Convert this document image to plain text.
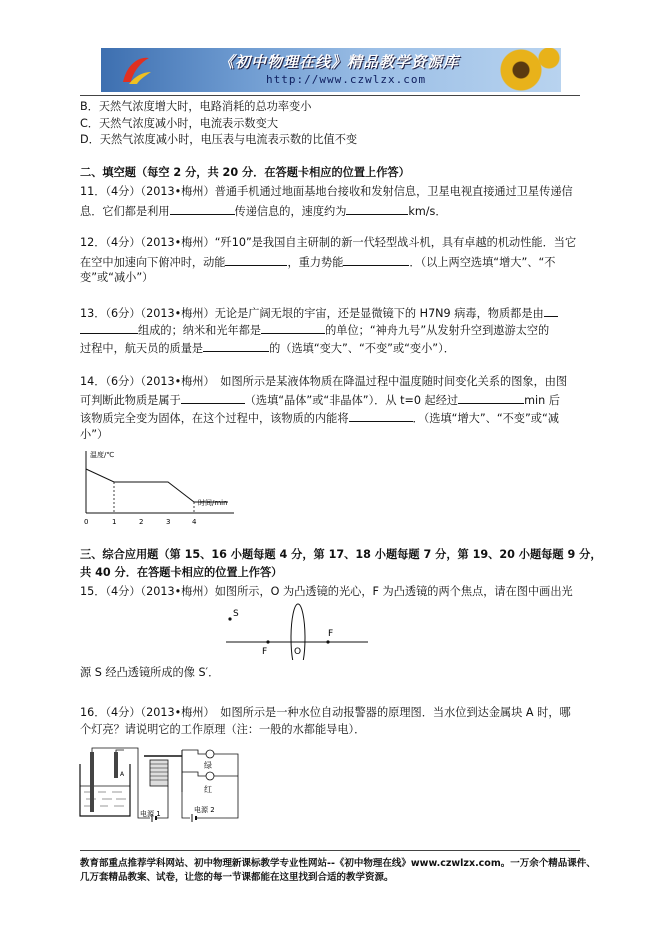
《初中物理在线》精品教学资源库
http://www.czwlzx.com
B．天然气浓度增大时，电路消耗的总功率变小
C．天然气浓度减小时，电流表示数变大
D．天然气浓度减小时，电压表与电流表示数的比值不变
二、填空题（每空 2 分，共 20 分．在答题卡相应的位置上作答）
11．（4分）（2013•梅州）普通手机通过地面基地台接收和发射信息，卫星电视直接通过卫星传递信
息．它们都是利用	传递信息的，速度约为	km/s．
12．（4分）（2013•梅州）“歼10”是我国自主研制的新一代轻型战斗机，具有卓越的机动性能．当它
在空中加速向下俯冲时，动能	，重力势能	．（以上两空选填“增大”、“不
变”或“减小”）
13．（6分）（2013•梅州）无论是广阔无垠的宇宙，还是显微镜下的 H7N9 病毒，物质都是由
组成的；纳米和光年都是	的单位；“神舟九号”从发射升空到遨游太空的
过程中，航天员的质量是	的（选填“变大”、“不变”或“变小”）．
14．（6分）（2013•梅州）　如图所示是某液体物质在降温过程中温度随时间变化关系的图象，由图
可判断此物质是属于	（选填“晶体”或“非晶体”）．从 t=0 起经过	min 后
该物质完全变为固体，在这个过程中，该物质的内能将	．（选填“增大”、“不变”或“减
小”）
温度/℃
时间/min
0	1	2	3	4
三、综合应用题（第 15、16 小题每题 4 分，第 17、18 小题每题 7 分，第 19、20 小题每题 9 分，
共 40 分．在答题卡相应的位置上作答）
15．（4分）（2013•梅州）如图所示，O 为凸透镜的光心，F 为凸透镜的两个焦点，请在图中画出光
S
F	O
F
源 S 经凸透镜所成的像 S′．
16．（4分）（2013•梅州）　如图所示是一种水位自动报警器的原理图．当水位到达金属块 A 时，哪
个灯亮？请说明它的工作原理（注：一般的水都能导电）．
A
绿
红
电源 1	电源 2
教育部重点推荐学科网站、初中物理新课标教学专业性网站--《初中物理在线》www.czwlzx.com。一万余个精品课件、
几万套精品教案、试卷，让您的每一节课都能在这里找到合适的教学资源。
